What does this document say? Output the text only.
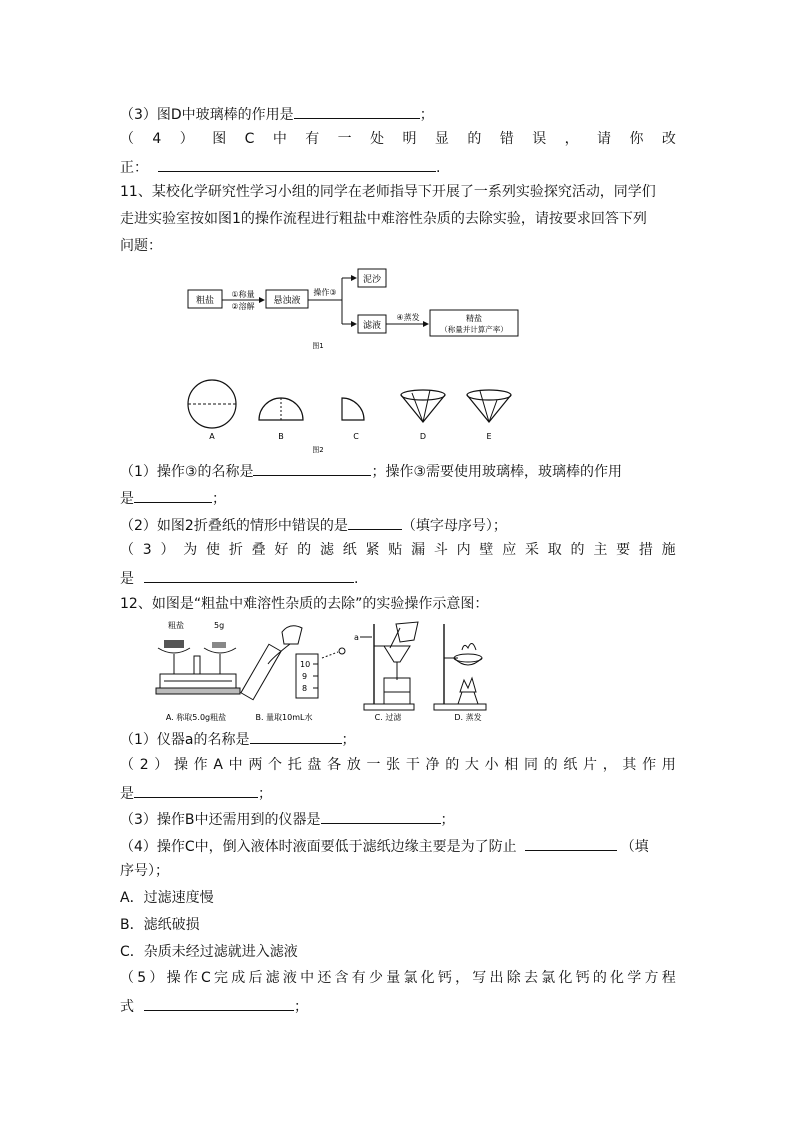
（3）图D中玻璃棒的作用是	；
（ 4 ） 图 C 中 有 一 处 明 显 的 错 误 ， 请 你 改
正：	.
11、某校化学研究性学习小组的同学在老师指导下开展了一系列实验探究活动，同学们
走进实验室按如图1的操作流程进行粗盐中难溶性杂质的去除实验，请按要求回答下列
问题：
粗盐
①称量
②溶解
悬浊液
操作③
泥沙
滤液
④蒸发	精盐
（称量并计算产率）
图1
A	B	C	D	E
图2
（1）操作③的名称是	；操作③需要使用玻璃棒，玻璃棒的作用
是	；
（2）如图2折叠纸的情形中错误的是	（填字母序号）；
（ 3 ） 为 使 折 叠 好 的 滤 纸 紧 贴 漏 斗 内 壁 应 采 取 的 主 要 措 施
是	.
12、如图是“粗盐中难溶性杂质的去除”的实验操作示意图：
粗盐	5g
A. 称取5.0g粗盐
10
9
8
B. 量取10mL水
a
C. 过滤	D. 蒸发
（1）仪器a的名称是	；
（ 2 ） 操 作 A 中 两 个 托 盘 各 放 一 张 干 净 的 大 小 相 同 的 纸 片 ， 其 作 用
是	；
（3）操作B中还需用到的仪器是	；
（4）操作C中，倒入液体时液面要低于滤纸边缘主要是为了防止	（填
序号）；
A．过滤速度慢
B．滤纸破损
C．杂质未经过滤就进入滤液
（ 5 ） 操 作 C 完 成 后 滤 液 中 还 含 有 少 量 氯 化 钙 ， 写 出 除 去 氯 化 钙 的 化 学 方 程
式	；
